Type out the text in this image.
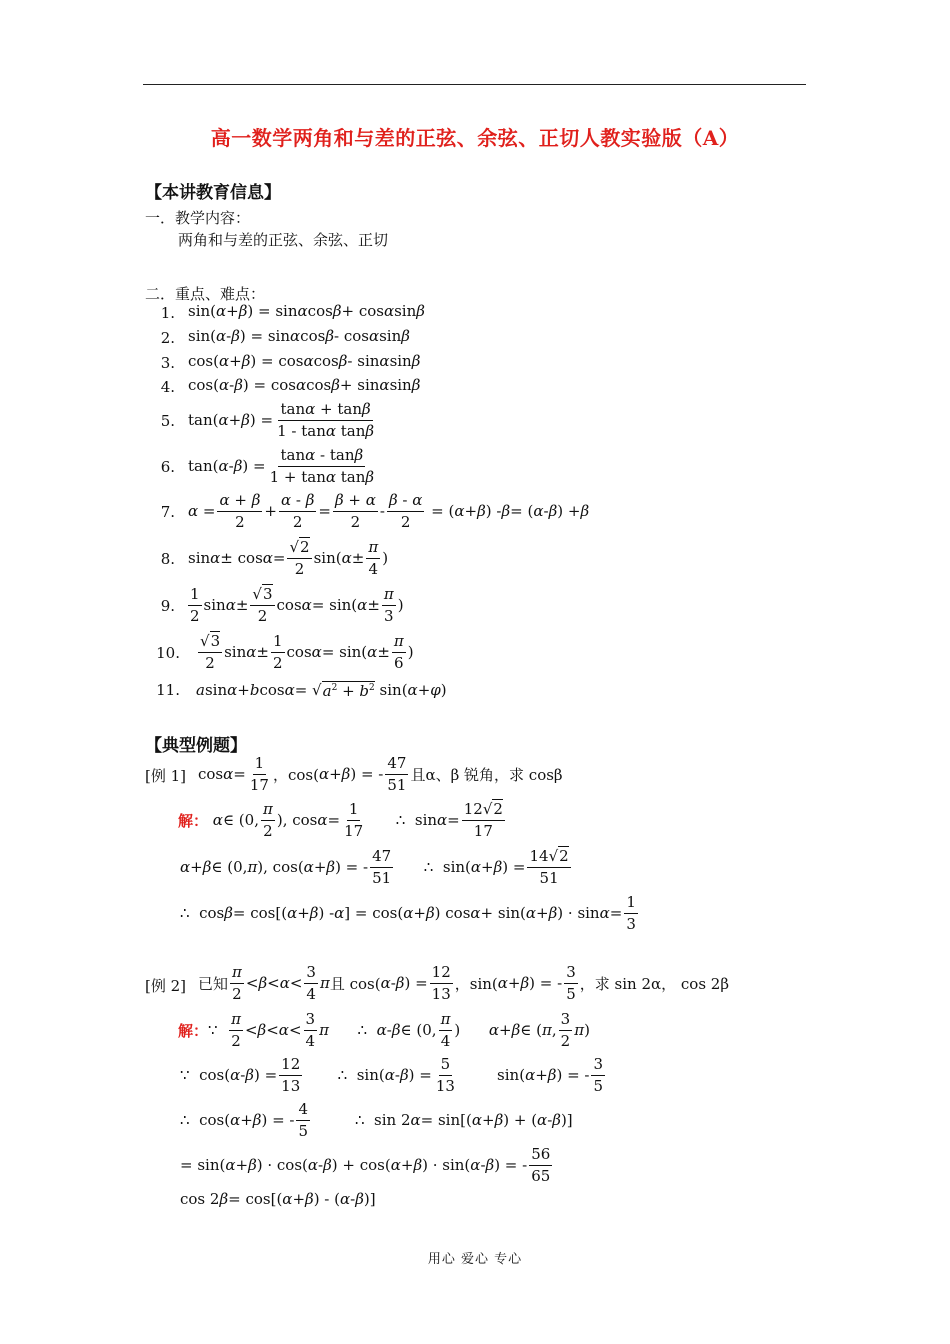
高一数学两角和与差的正弦、余弦、正切人教实验版（A）
【本讲教育信息】
一．教学内容：
两角和与差的正弦、余弦、正切
二．重点、难点：
1. sin( α + β ) = sin α cos β + cos α sin β
2. sin( α - β ) = sin α cos β - cos α sin β
3. cos( α + β ) = cos α cos β - sin α sin β
4. cos( α - β ) = cos α cos β + sin α sin β
5. tan( α + β ) = $\frac{\tan\alpha + \tan\beta}{\text{1 - tanα tanβ}}$
6. tan( α - β ) = $\frac{\tan\alpha - \tan\beta}{\text{1 + tanα tanβ}}$
7. $\alpha = \frac{\alpha + \beta}{2} + \frac{\alpha - \beta}{2} = \frac{\beta + \alpha}{2} - \frac{\beta - \alpha}{2}$ = ( α + β ) - β = ( α - β ) + β
8. $\sin \alpha \pm \cos \alpha = \frac{√2}{2} \sin$( $\alpha \pm \frac{\pi}{4}$ )
9. $\frac{1}{2}$ $\sin \alpha \pm \frac{√3}{2}$ cos α = sin( $\alpha \pm \frac{\pi}{3}$ )
10. $\frac{√3}{2}$ $\sin \alpha \pm \frac{1}{2}$ cos α = sin( $\alpha \pm \frac{\pi}{6}$ )
11. a sin α + b cos α = √ $a^2 + b^2$ sin( α + φ )
【典型例题】
[例 1] $\cos \alpha = \frac{1}{17}$ ，cos( α + β ) = - $\frac{47}{51}$ 且α、β 锐角，求 cosβ
解：
α ∈ (0, $\frac{\pi}{2}$ ), $\cos \alpha = \frac{1}{17}$ ∴  $\sin \alpha = \frac{12√2}{17}$
α + β ∈ (0, π ), cos( α + β ) = - $\frac{47}{51}$ ∴  sin( α + β ) = $\frac{14√2}{51}$
∴  cos β = cos[( α + β ) - α ] = cos( α + β ) cos α + sin( α + β ) · $\sin \alpha = \frac{1}{3}$
[例 2] 已知 $\frac{\pi}{2} < \beta < \alpha < \frac{3}{4}$ π 且 cos( α - β ) = $\frac{12}{13}$ ，sin( α + β ) = - $\frac{3}{5}$ ，求 sin 2α， cos 2β
解： ∵ $\frac{\pi}{2} < \beta < \alpha < \frac{3}{4}$ π ∴ α - β ∈ (0, $\frac{\pi}{4}$ ) α + β ∈ ( π , $\frac{3}{2}$ π )
∵  cos( α - β ) = $\frac{12}{13}$ ∴  sin( α - β ) = $\frac{5}{13} \sin$( α + β ) = - $\frac{3}{5}$
∴  cos( α + β ) = - $\frac{4}{5}$ ∴  sin 2 α = sin[( α + β ) + ( α - β )]
= sin( α + β ) · cos( α - β ) + cos( α + β ) · sin( α - β ) = - $\frac{56}{65}$
cos 2 β = cos[( α + β ) - ( α - β )]
用心 爱心 专心
